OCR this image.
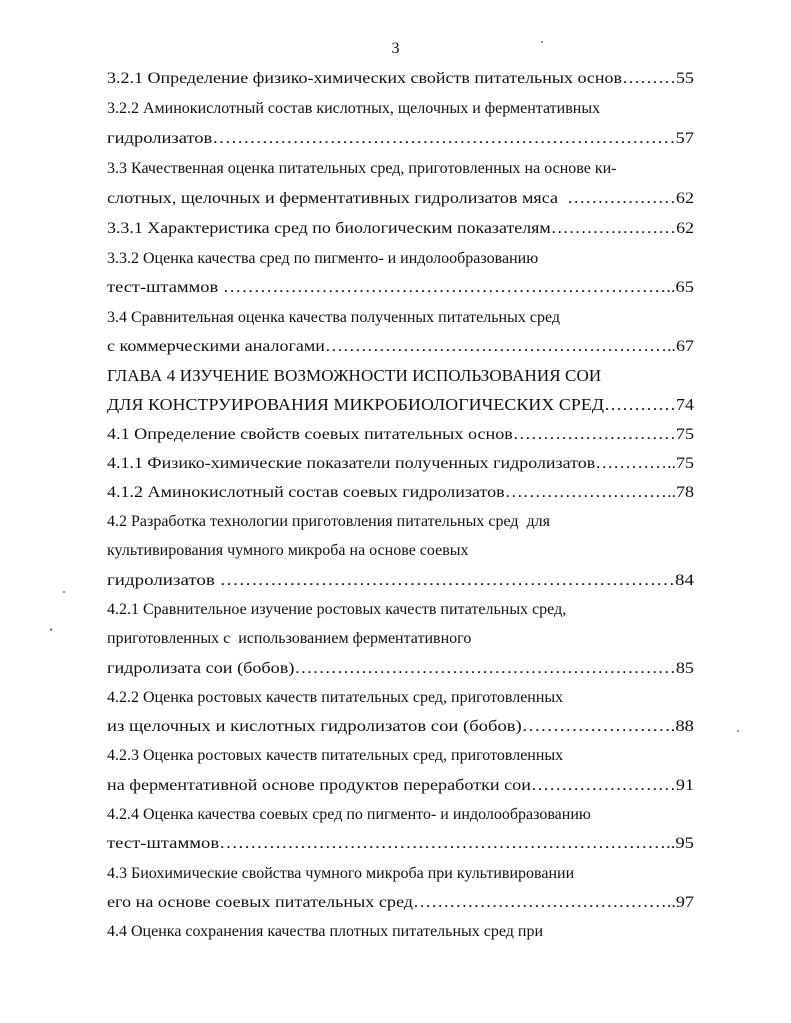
3
3.2.1 Определение физико-химических свойств питательных основ………55
3.2.2 Аминокислотный состав кислотных, щелочных и ферментативных
гидролизатов…………………………………………………………………57
3.3 Качественная оценка питательных сред, приготовленных на основе ки-
слотных, щелочных и ферментативных гидролизатов мяса  ………………62
3.3.1 Характеристика сред по биологическим показателям…………………62
3.3.2 Оценка качества сред по пигменто- и индолообразованию
тест-штаммов ………………………………………………………………..65
3.4 Сравнительная оценка качества полученных питательных сред
с коммерческими аналогами…………………………………………………..67
ГЛАВА 4 ИЗУЧЕНИЕ ВОЗМОЖНОСТИ ИСПОЛЬЗОВАНИЯ СОИ
ДЛЯ КОНСТРУИРОВАНИЯ МИКРОБИОЛОГИЧЕСКИХ СРЕД…………74
4.1 Определение свойств соевых питательных основ………………………75
4.1.1 Физико-химические показатели полученных гидролизатов…………..75
4.1.2 Аминокислотный состав соевых гидролизатов………………………..78
4.2 Разработка технологии приготовления питательных сред  для
культивирования чумного микроба на основе соевых
гидролизатов ………………………………………………………………84
4.2.1 Сравнительное изучение ростовых качеств питательных сред,
приготовленных с  использованием ферментативного
гидролизата сои (бобов)………………………………………………………85
4.2.2 Оценка ростовых качеств питательных сред, приготовленных
из щелочных и кислотных гидролизатов сои (бобов)…………………….88
4.2.3 Оценка ростовых качеств питательных сред, приготовленных
на ферментативной основе продуктов переработки сои……………………91
4.2.4 Оценка качества соевых сред по пигменто- и индолообразованию
тест-штаммов………………………………………………………………..95
4.3 Биохимические свойства чумного микроба при культивировании
его на основе соевых питательных сред……………………………………..97
4.4 Оценка сохранения качества плотных питательных сред при
